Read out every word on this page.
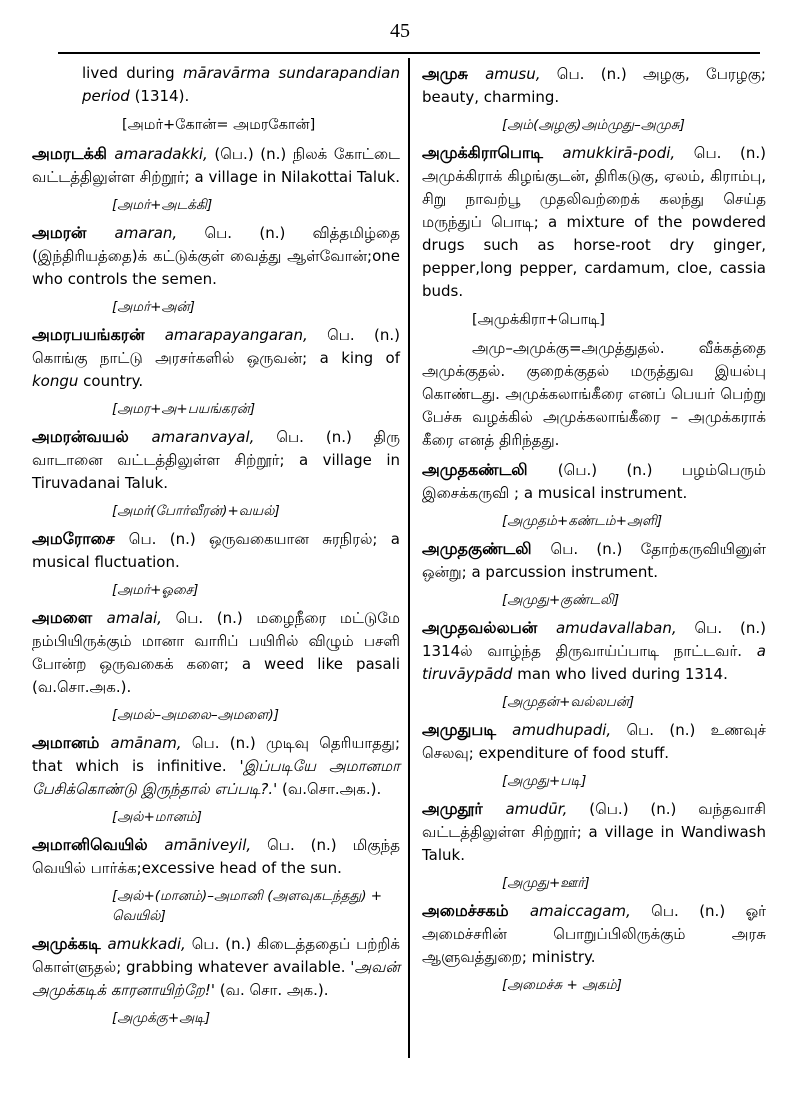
45
lived during māravārma sundarapandian period (1314).
[அமர்+கோன்= அமரகோன்]
அமரடக்கி amaradakki, (பெ.) (n.) நிலக் கோட்டை வட்டத்திலுள்ள சிற்றூர்; a village in Nilakottai Taluk.
[அமர்+அடக்கி]
அமரன் amaran, பெ. (n.) வித்தமிழ்தை (இந்திரியத்தை)க் கட்டுக்குள் வைத்து ஆள்வோன்;one who controls the semen.
[அமர்+அன்]
அமரபயங்கரன் amarapayangaran, பெ. (n.) கொங்கு நாட்டு அரசர்களில் ஒருவன்; a king of kongu country.
[அமர+அ+பயங்கரன்]
அமரன்வயல் amaranvayal, பெ. (n.) திரு வாடானை வட்டத்திலுள்ள சிற்றூர்; a village in Tiruvadanai Taluk.
[அமர்(போர்வீரன்)+வயல்]
அமரோசை பெ. (n.) ஒருவகையான சுரநிரல்; a musical fluctuation.
[அமர்+ஓசை]
அமளை amalai, பெ. (n.) மழைநீரை மட்டுமே நம்பியிருக்கும் மானா வாரிப் பயிரில் விழும் பசளி போன்ற ஒருவகைக் களை; a weed like pasali (வ.சொ.அக.).
[அமல்–அமலை–அமளை)]
அமானம் amānam, பெ. (n.) முடிவு தெரியாதது; that which is infinitive. 'இப்படியே அமானமா பேசிக்கொண்டு இருந்தால் எப்படி?.' (வ.சொ.அக.).
[அல்+மானம்]
அமானிவெயில் amāniveyil, பெ. (n.) மிகுந்த வெயில் பார்க்க;excessive head of the sun.
[அல்+(மானம்)–அமானி (அளவுகடந்தது) + வெயில்]
அமுக்கடி amukkadi, பெ. (n.) கிடைத்ததைப் பற்றிக் கொள்ளுதல்; grabbing whatever available. 'அவன் அமுக்கடிக் காரனாயிற்றே!' (வ. சொ. அக.).
[அமுக்கு+அடி]
அமுசு amusu, பெ. (n.) அழகு, பேரழகு; beauty, charming.
[அம்(அழகு)அம்முது–அமுசு]
அமுக்கிராபொடி amukkirā-podi, பெ. (n.) அமுக்கிராக் கிழங்குடன், திரிகடுகு, ஏலம், கிராம்பு, சிறு நாவற்பூ முதலிவற்றைக் கலந்து செய்த மருந்துப் பொடி; a mixture of the powdered drugs such as horse-root dry ginger, pepper,long pepper, cardamum, cloe, cassia buds.
[அமுக்கிரா+பொடி]
அமு–அமுக்கு=அமுத்துதல். வீக்கத்தை அமுக்குதல். குறைக்குதல் மருத்துவ இயல்பு கொண்டது. அமுக்கலாங்கீரை எனப் பெயர் பெற்று பேச்சு வழக்கில் அமுக்கலாங்கீரை – அமுக்கராக் கீரை எனத் திரிந்தது.
அமுதகண்டலி (பெ.) (n.) பழம்பெரும் இசைக்கருவி ; a musical instrument.
[அமுதம்+கண்டம்+அளி]
அமுதகுண்டலி பெ. (n.) தோற்கருவியினுள் ஒன்று; a parcussion instrument.
[அமுது+குண்டலி]
அமுதவல்லபன் amudavallaban, பெ. (n.) 1314ல் வாழ்ந்த திருவாய்ப்பாடி நாட்டவர். a tiruvāypādd man who lived during 1314.
[அமுதன்+வல்லபன்]
அமுதுபடி amudhupadi, பெ. (n.) உணவுச் செலவு; expenditure of food stuff.
[அமுது+படி]
அமுதூர் amudūr, (பெ.) (n.) வந்தவாசி வட்டத்திலுள்ள சிற்றூர்; a village in Wandiwash Taluk.
[அமுது+ஊர்]
அமைச்சகம் amaiccagam, பெ. (n.) ஓர் அமைச்சரின் பொறுப்பிலிருக்கும் அரசு ஆளுவத்துறை; ministry.
[அமைச்சு + அகம்]
